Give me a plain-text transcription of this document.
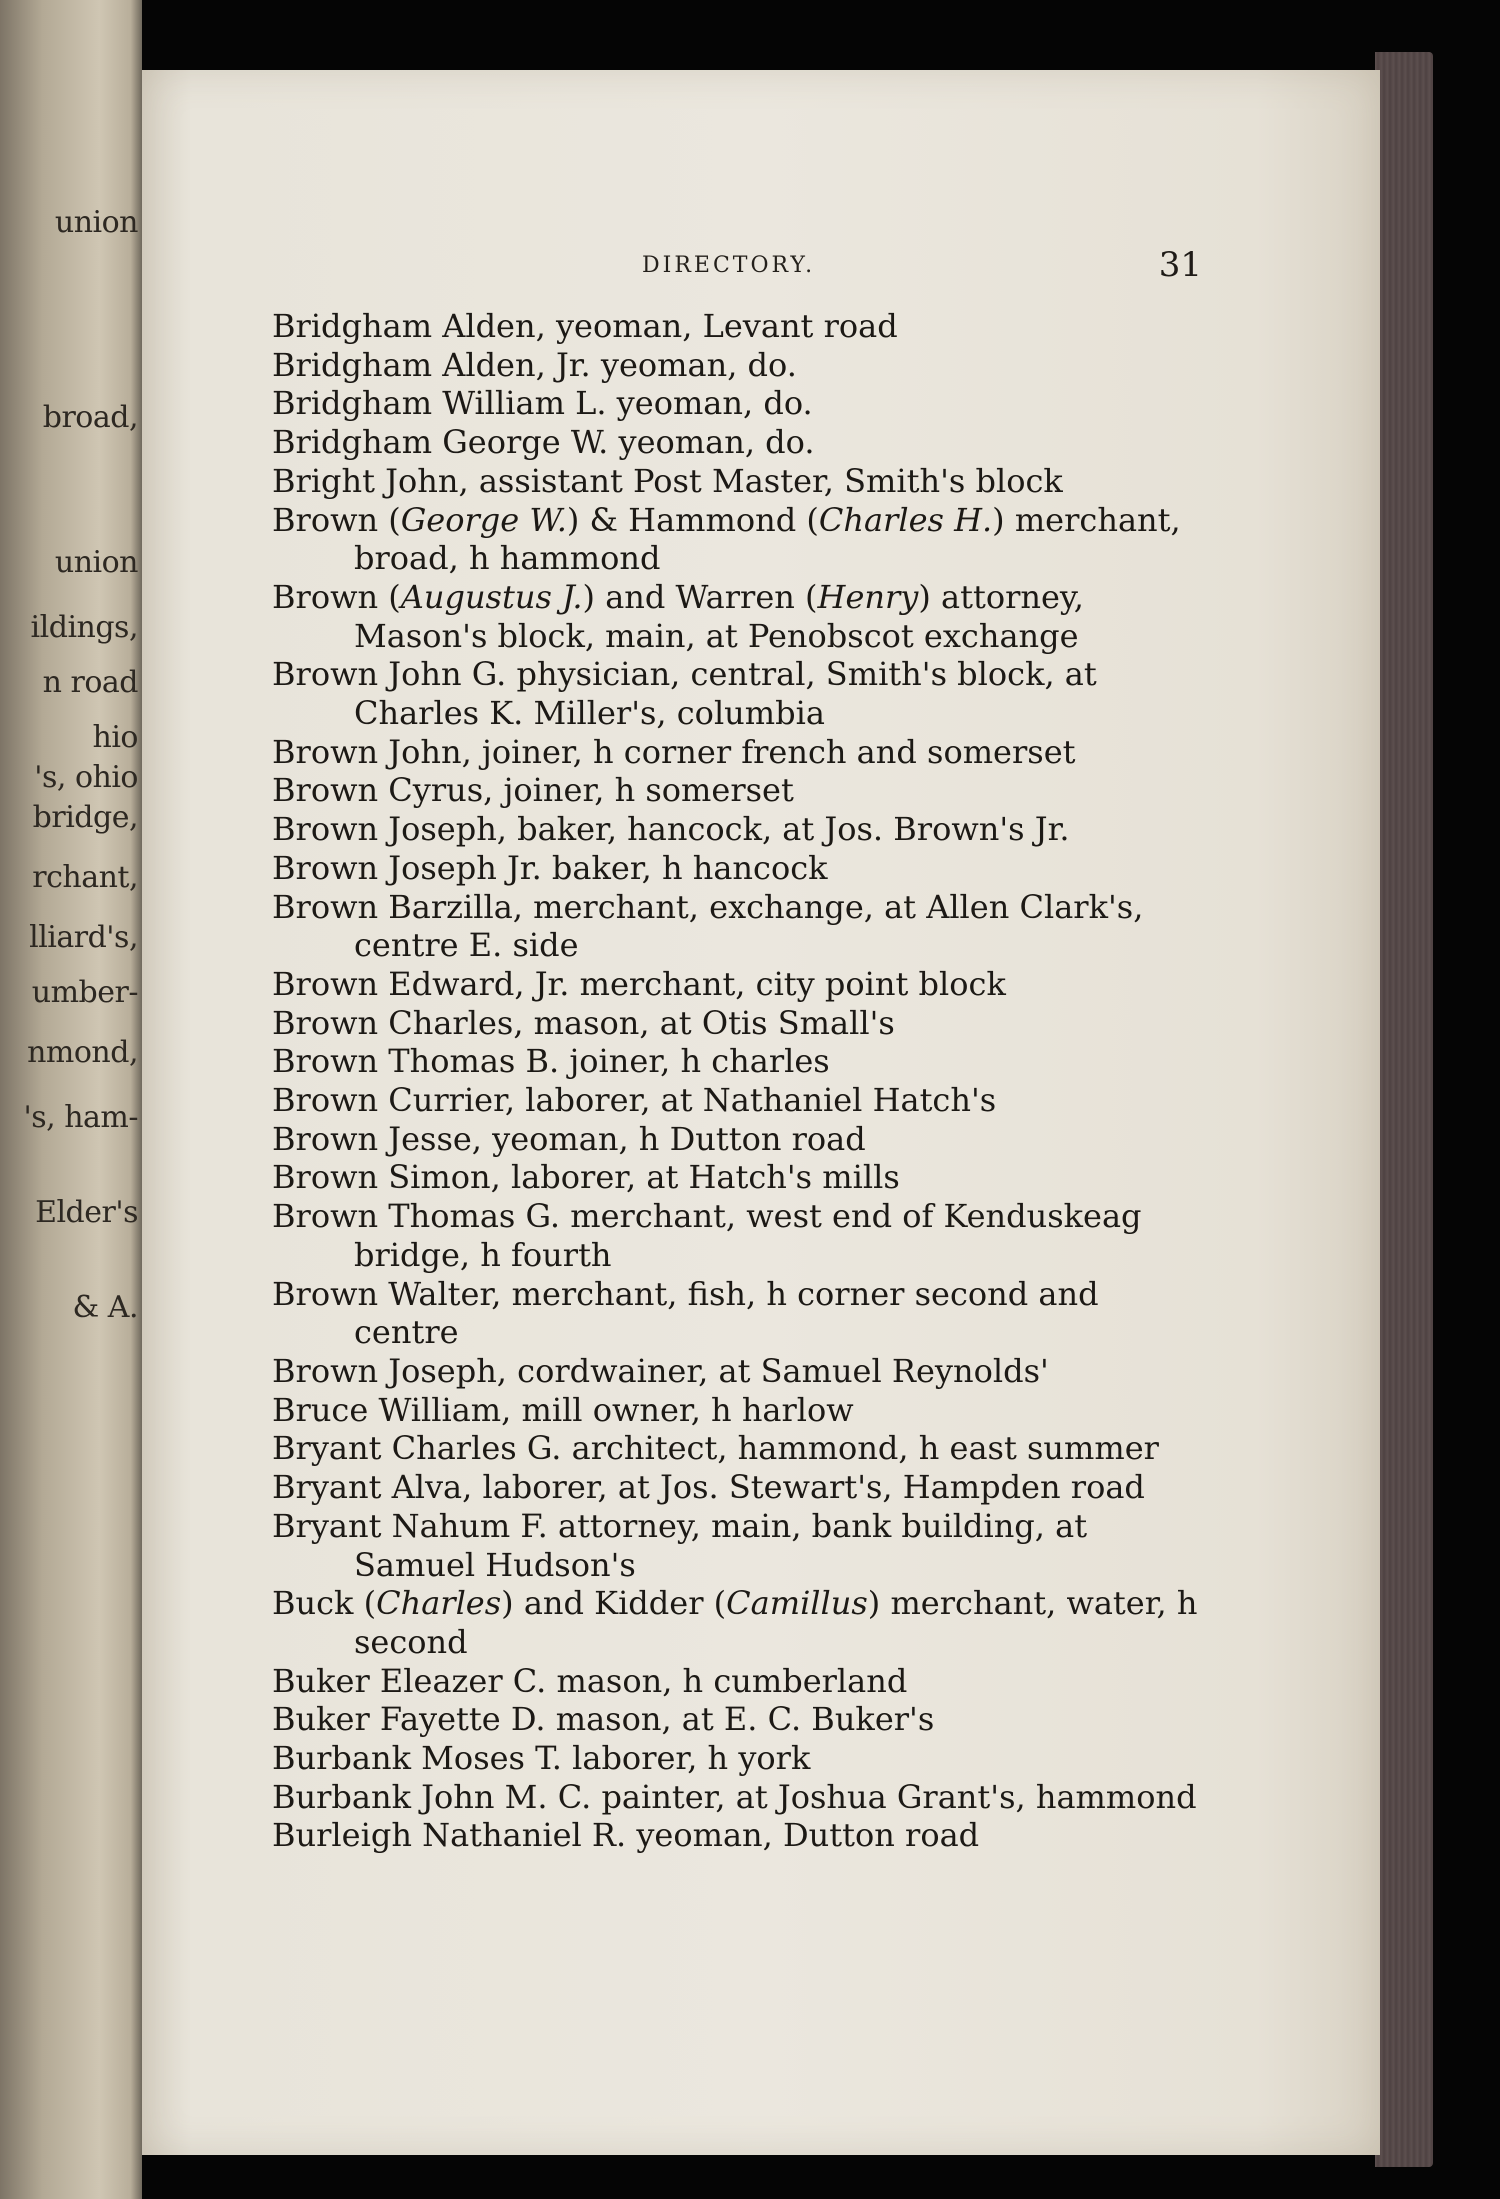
union
broad,
union
ildings,
n road
hio
's, ohio
bridge,
rchant,
lliard's,
umber-
nmond,
's, ham-
Elder's
& A.
DIRECTORY.	31
Bridgham Alden, yeoman, Levant road
Bridgham Alden, Jr. yeoman, do.
Bridgham William L. yeoman, do.
Bridgham George W. yeoman, do.
Bright John, assistant Post Master, Smith's block
Brown (George W.) & Hammond (Charles H.) merchant, broad, h hammond
Brown (Augustus J.) and Warren (Henry) attorney, Mason's block, main, at Penobscot exchange
Brown John G. physician, central, Smith's block, at Charles K. Miller's, columbia
Brown John, joiner, h corner french and somerset
Brown Cyrus, joiner, h somerset
Brown Joseph, baker, hancock, at Jos. Brown's Jr.
Brown Joseph Jr. baker, h hancock
Brown Barzilla, merchant, exchange, at Allen Clark's, centre E. side
Brown Edward, Jr. merchant, city point block
Brown Charles, mason, at Otis Small's
Brown Thomas B. joiner, h charles
Brown Currier, laborer, at Nathaniel Hatch's
Brown Jesse, yeoman, h Dutton road
Brown Simon, laborer, at Hatch's mills
Brown Thomas G. merchant, west end of Kenduskeag bridge, h fourth
Brown Walter, merchant, fish, h corner second and centre
Brown Joseph, cordwainer, at Samuel Reynolds'
Bruce William, mill owner, h harlow
Bryant Charles G. architect, hammond, h east summer
Bryant Alva, laborer, at Jos. Stewart's, Hampden road
Bryant Nahum F. attorney, main, bank building, at Samuel Hudson's
Buck (Charles) and Kidder (Camillus) merchant, water, h second
Buker Eleazer C. mason, h cumberland
Buker Fayette D. mason, at E. C. Buker's
Burbank Moses T. laborer, h york
Burbank John M. C. painter, at Joshua Grant's, hammond
Burleigh Nathaniel R. yeoman, Dutton road
